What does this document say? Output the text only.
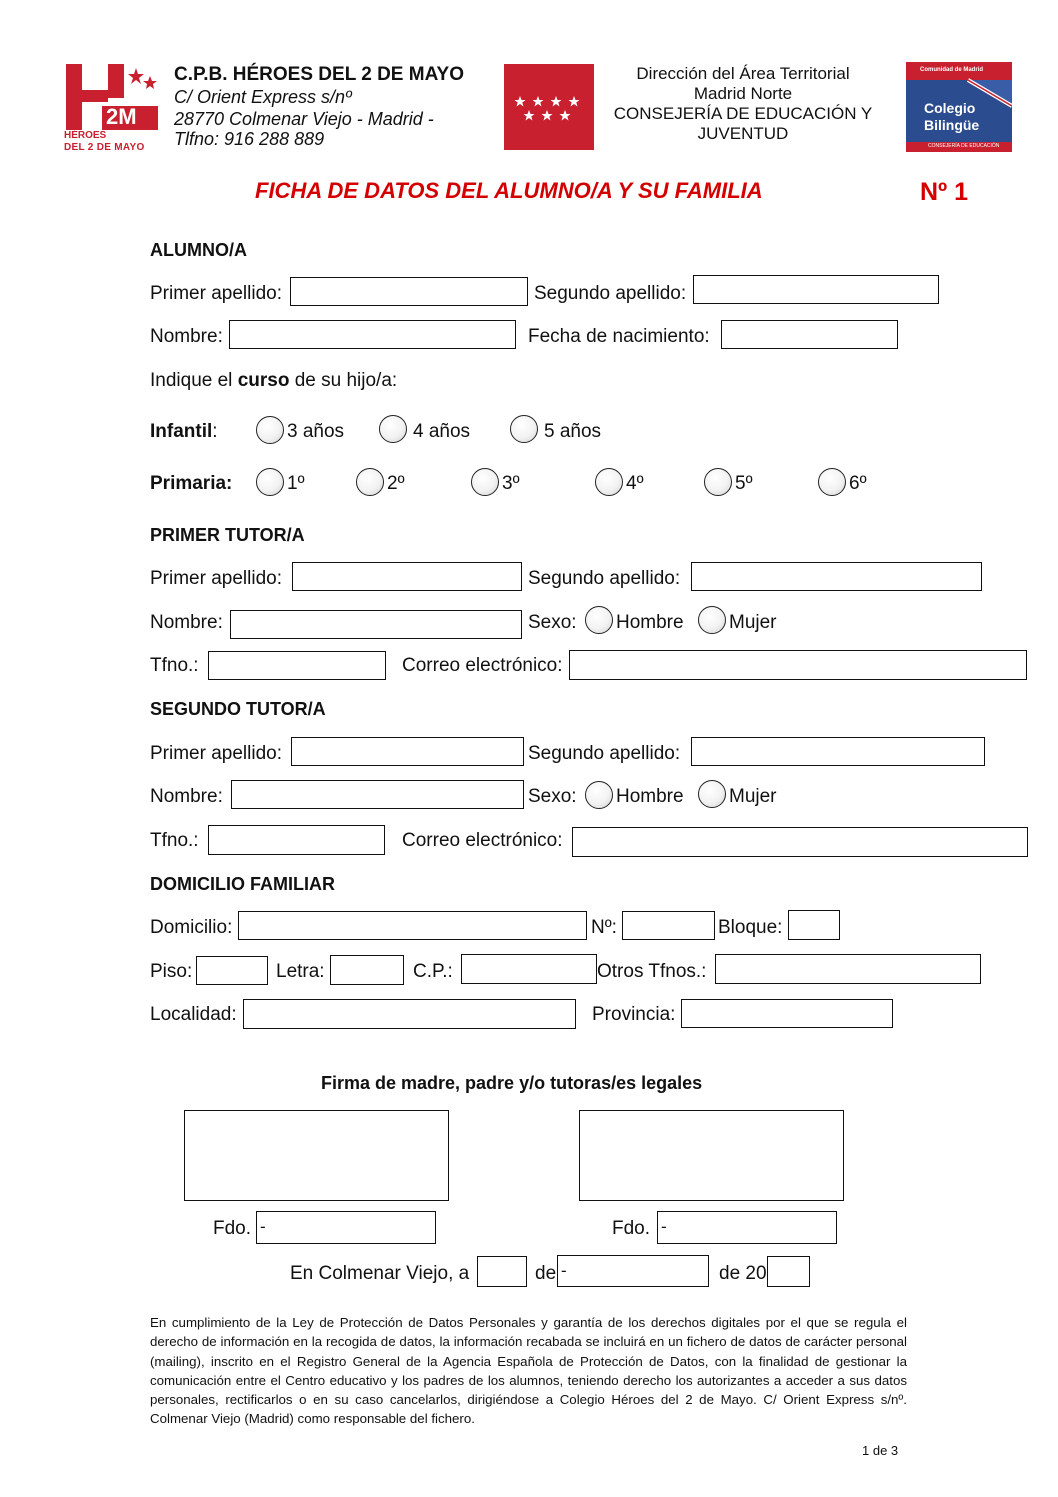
2M
HÉROES
DEL 2 DE MAYO
C.P.B. HÉROES DEL 2 DE MAYO
C/ Orient Express s/nº
28770 Colmenar Viejo - Madrid -
Tlfno: 916 288 889
Dirección del Área Territorial
Madrid Norte
CONSEJERÍA DE EDUCACIÓN Y
JUVENTUD
Comunidad de Madrid
Colegio
Bilingüe
CONSEJERÍA DE EDUCACIÓN
FICHA DE DATOS DEL ALUMNO/A Y SU FAMILIA	Nº 1
ALUMNO/A
Primer apellido:	Segundo apellido:
Nombre:	Fecha de nacimiento:
Indique el curso de su hijo/a:
Infantil:	3 años	4 años	5 años
Primaria:	1º	2º	3º	4º	5º	6º
PRIMER TUTOR/A
Primer apellido:	Segundo apellido:
Nombre:	Sexo: Hombre Mujer
Tfno.:	Correo electrónico:
SEGUNDO TUTOR/A
Primer apellido:	Segundo apellido:
Nombre:	Sexo: Hombre Mujer
Tfno.:	Correo electrónico:
DOMICILIO FAMILIAR
Domicilio:	Nº:	Bloque:
Piso:	Letra:	C.P.:	Otros Tfnos.:
Localidad:	Provincia:
Firma de madre, padre y/o tutoras/es legales
Fdo. -	Fdo. -
En Colmenar Viejo, a	de -	de 20
En cumplimiento de la Ley de Protección de Datos Personales y garantía de los derechos digitales por el que se regula el derecho de información en la recogida de datos, la información recabada se incluirá en un fichero de datos de carácter personal (mailing), inscrito en el Registro General de la Agencia Española de Protección de Datos, con la finalidad de gestionar la comunicación entre el Centro educativo y los padres de los alumnos, teniendo derecho los autorizantes a acceder a sus datos personales, rectificarlos o en su caso cancelarlos, dirigiéndose a Colegio Héroes del 2 de Mayo. C/ Orient Express s/nº. Colmenar Viejo (Madrid) como responsable del fichero.
1 de 3
